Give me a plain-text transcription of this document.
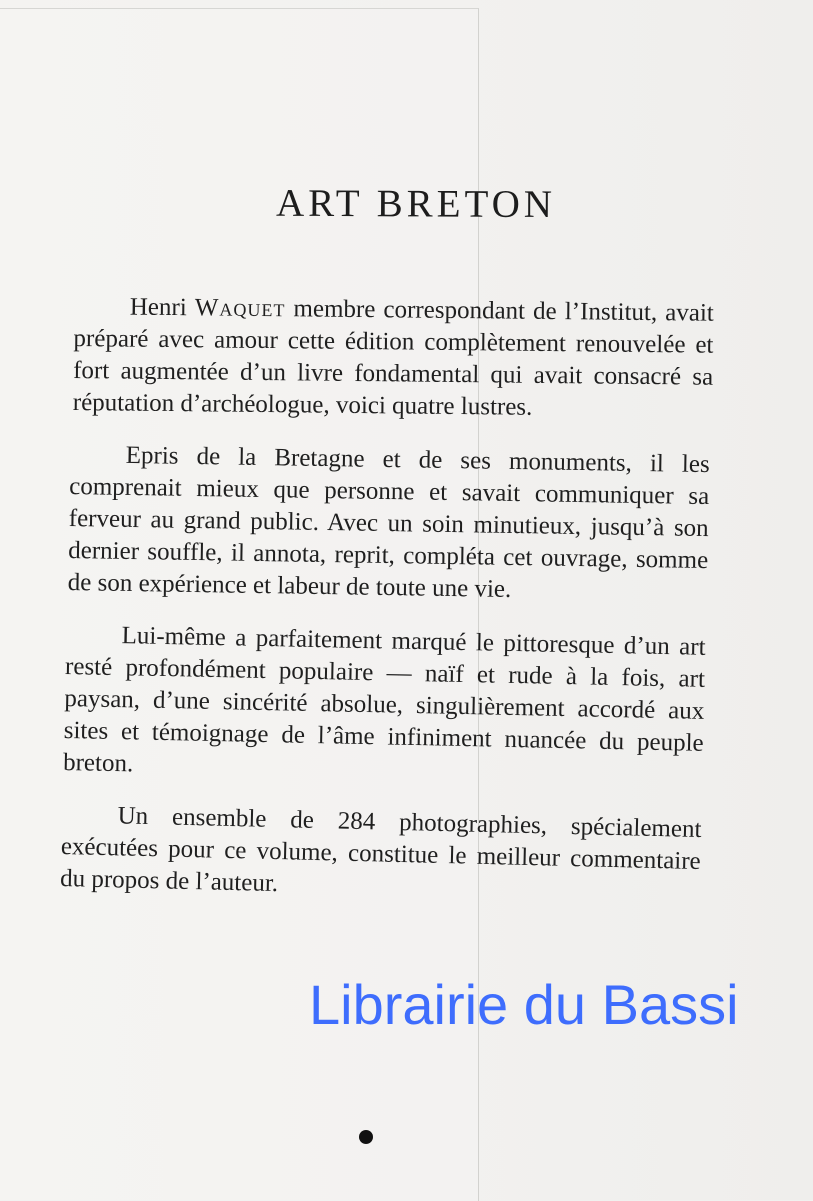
ART BRETON

Henri Waquet membre correspondant de l’Institut, avait préparé avec amour cette édition complètement renouvelée et fort augmentée d’un livre fondamental qui avait consacré sa réputation d’archéologue, voici quatre lustres.

Epris de la Bretagne et de ses monuments, il les comprenait mieux que personne et savait communiquer sa ferveur au grand public. Avec un soin minutieux, jusqu’à son dernier souffle, il annota, reprit, compléta cet ouvrage, somme de son expérience et labeur de toute une vie.

Lui-même a parfaitement marqué le pittoresque d’un art resté profondément populaire — naïf et rude à la fois, art paysan, d’une sincérité absolue, singulièrement accordé aux sites et témoignage de l’âme infiniment nuancée du peuple breton.

Un ensemble de 284 photographies, spécialement exécutées pour ce volume, constitue le meilleur commentaire du propos de l’auteur.

Librairie du Bassi
